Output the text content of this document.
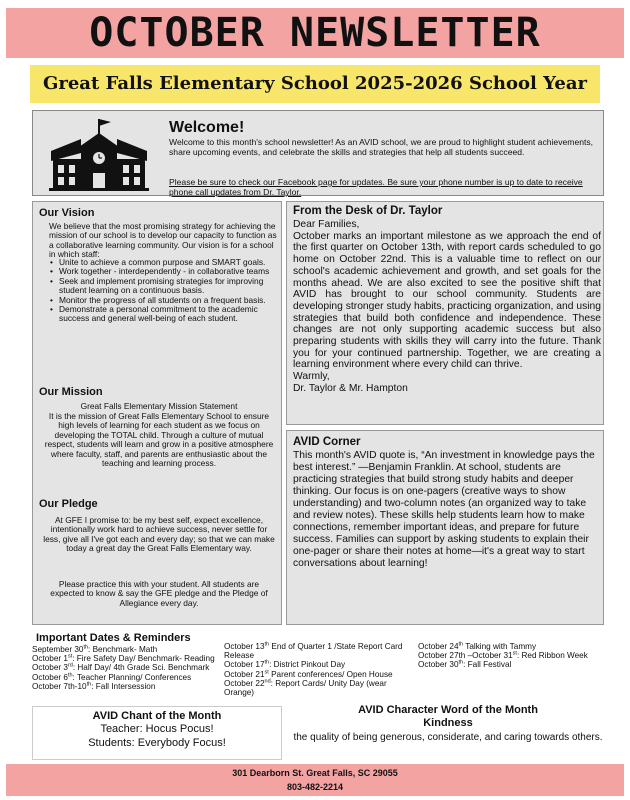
OCTOBER NEWSLETTER
Great Falls Elementary School 2025-2026 School Year
Welcome!
Welcome to this month's school newsletter! As an AVID school, we are proud to highlight student achievements, share upcoming events, and celebrate the skills and strategies that help all students succeed.
Please be sure to check our Facebook page for updates. Be sure your phone number is up to date to receive phone call updates from Dr. Taylor.
Our Vision
We believe that the most promising strategy for achieving the mission of our school is to develop our capacity to function as a collaborative learning community. Our vision is for a school in which staff:
• Unite to achieve a common purpose and SMART goals.
• Work together - interdependently - in collaborative teams
• Seek and implement promising strategies for improving student learning on a continuous basis.
• Monitor the progress of all students on a frequent basis.
• Demonstrate a personal commitment to the academic success and general well-being of each student.
Our Mission
Great Falls Elementary Mission Statement
It is the mission of Great Falls Elementary School to ensure high levels of learning for each student as we focus on developing the TOTAL child. Through a culture of mutual respect, students will learn and grow in a positive atmosphere where faculty, staff, and parents are enthusiastic about the teaching and learning process.
Our Pledge
At GFE I promise to: be my best self, expect excellence, intentionally work hard to achieve success, never settle for less, give all I've got each and every day; so that we can make today a great day the Great Falls Elementary way.
Please practice this with your student. All students are expected to know & say the GFE pledge and the Pledge of Allegiance every day.
From the Desk of Dr. Taylor
Dear Families,
October marks an important milestone as we approach the end of the first quarter on October 13th, with report cards scheduled to go home on October 22nd. This is a valuable time to reflect on our school's academic achievement and growth, and set goals for the months ahead. We are also excited to see the positive shift that AVID has brought to our school community. Students are developing stronger study habits, practicing organization, and using strategies that build both confidence and independence. These changes are not only supporting academic success but also preparing students with skills they will carry into the future. Thank you for your continued partnership. Together, we are creating a learning environment where every child can thrive.
Warmly,
Dr. Taylor & Mr. Hampton
AVID Corner
This month's AVID quote is, “An investment in knowledge pays the best interest.” —Benjamin Franklin. At school, students are practicing strategies that build strong study habits and deeper thinking. Our focus is on one-pagers (creative ways to show understanding) and two-column notes (an organized way to take and review notes). These skills help students learn how to make connections, remember important ideas, and prepare for future success. Families can support by asking students to explain their one-pager or share their notes at home—it's a great way to start conversations about learning!
Important Dates & Reminders
September 30th: Benchmark- Math
October 1st: Fire Safety Day/ Benchmark- Reading
October 3rd: Half Day/ 4th Grade Sci. Benchmark
October 6th: Teacher Planning/ Conferences
October 7th-10th: Fall Intersession
October 13th End of Quarter 1 /State Report Card Release
October 17th: District Pinkout Day
October 21st Parent conferences/ Open House
October 22nd: Report Cards/ Unity Day (wear Orange)
October 24th Talking with Tammy
October 27th –October 31st: Red Ribbon Week
October 30th: Fall Festival
AVID Chant of the Month
Teacher: Hocus Pocus!
Students: Everybody Focus!
AVID Character Word of the Month
Kindness
the quality of being generous, considerate, and caring towards others.
301 Dearborn St. Great Falls, SC 29055
803-482-2214
